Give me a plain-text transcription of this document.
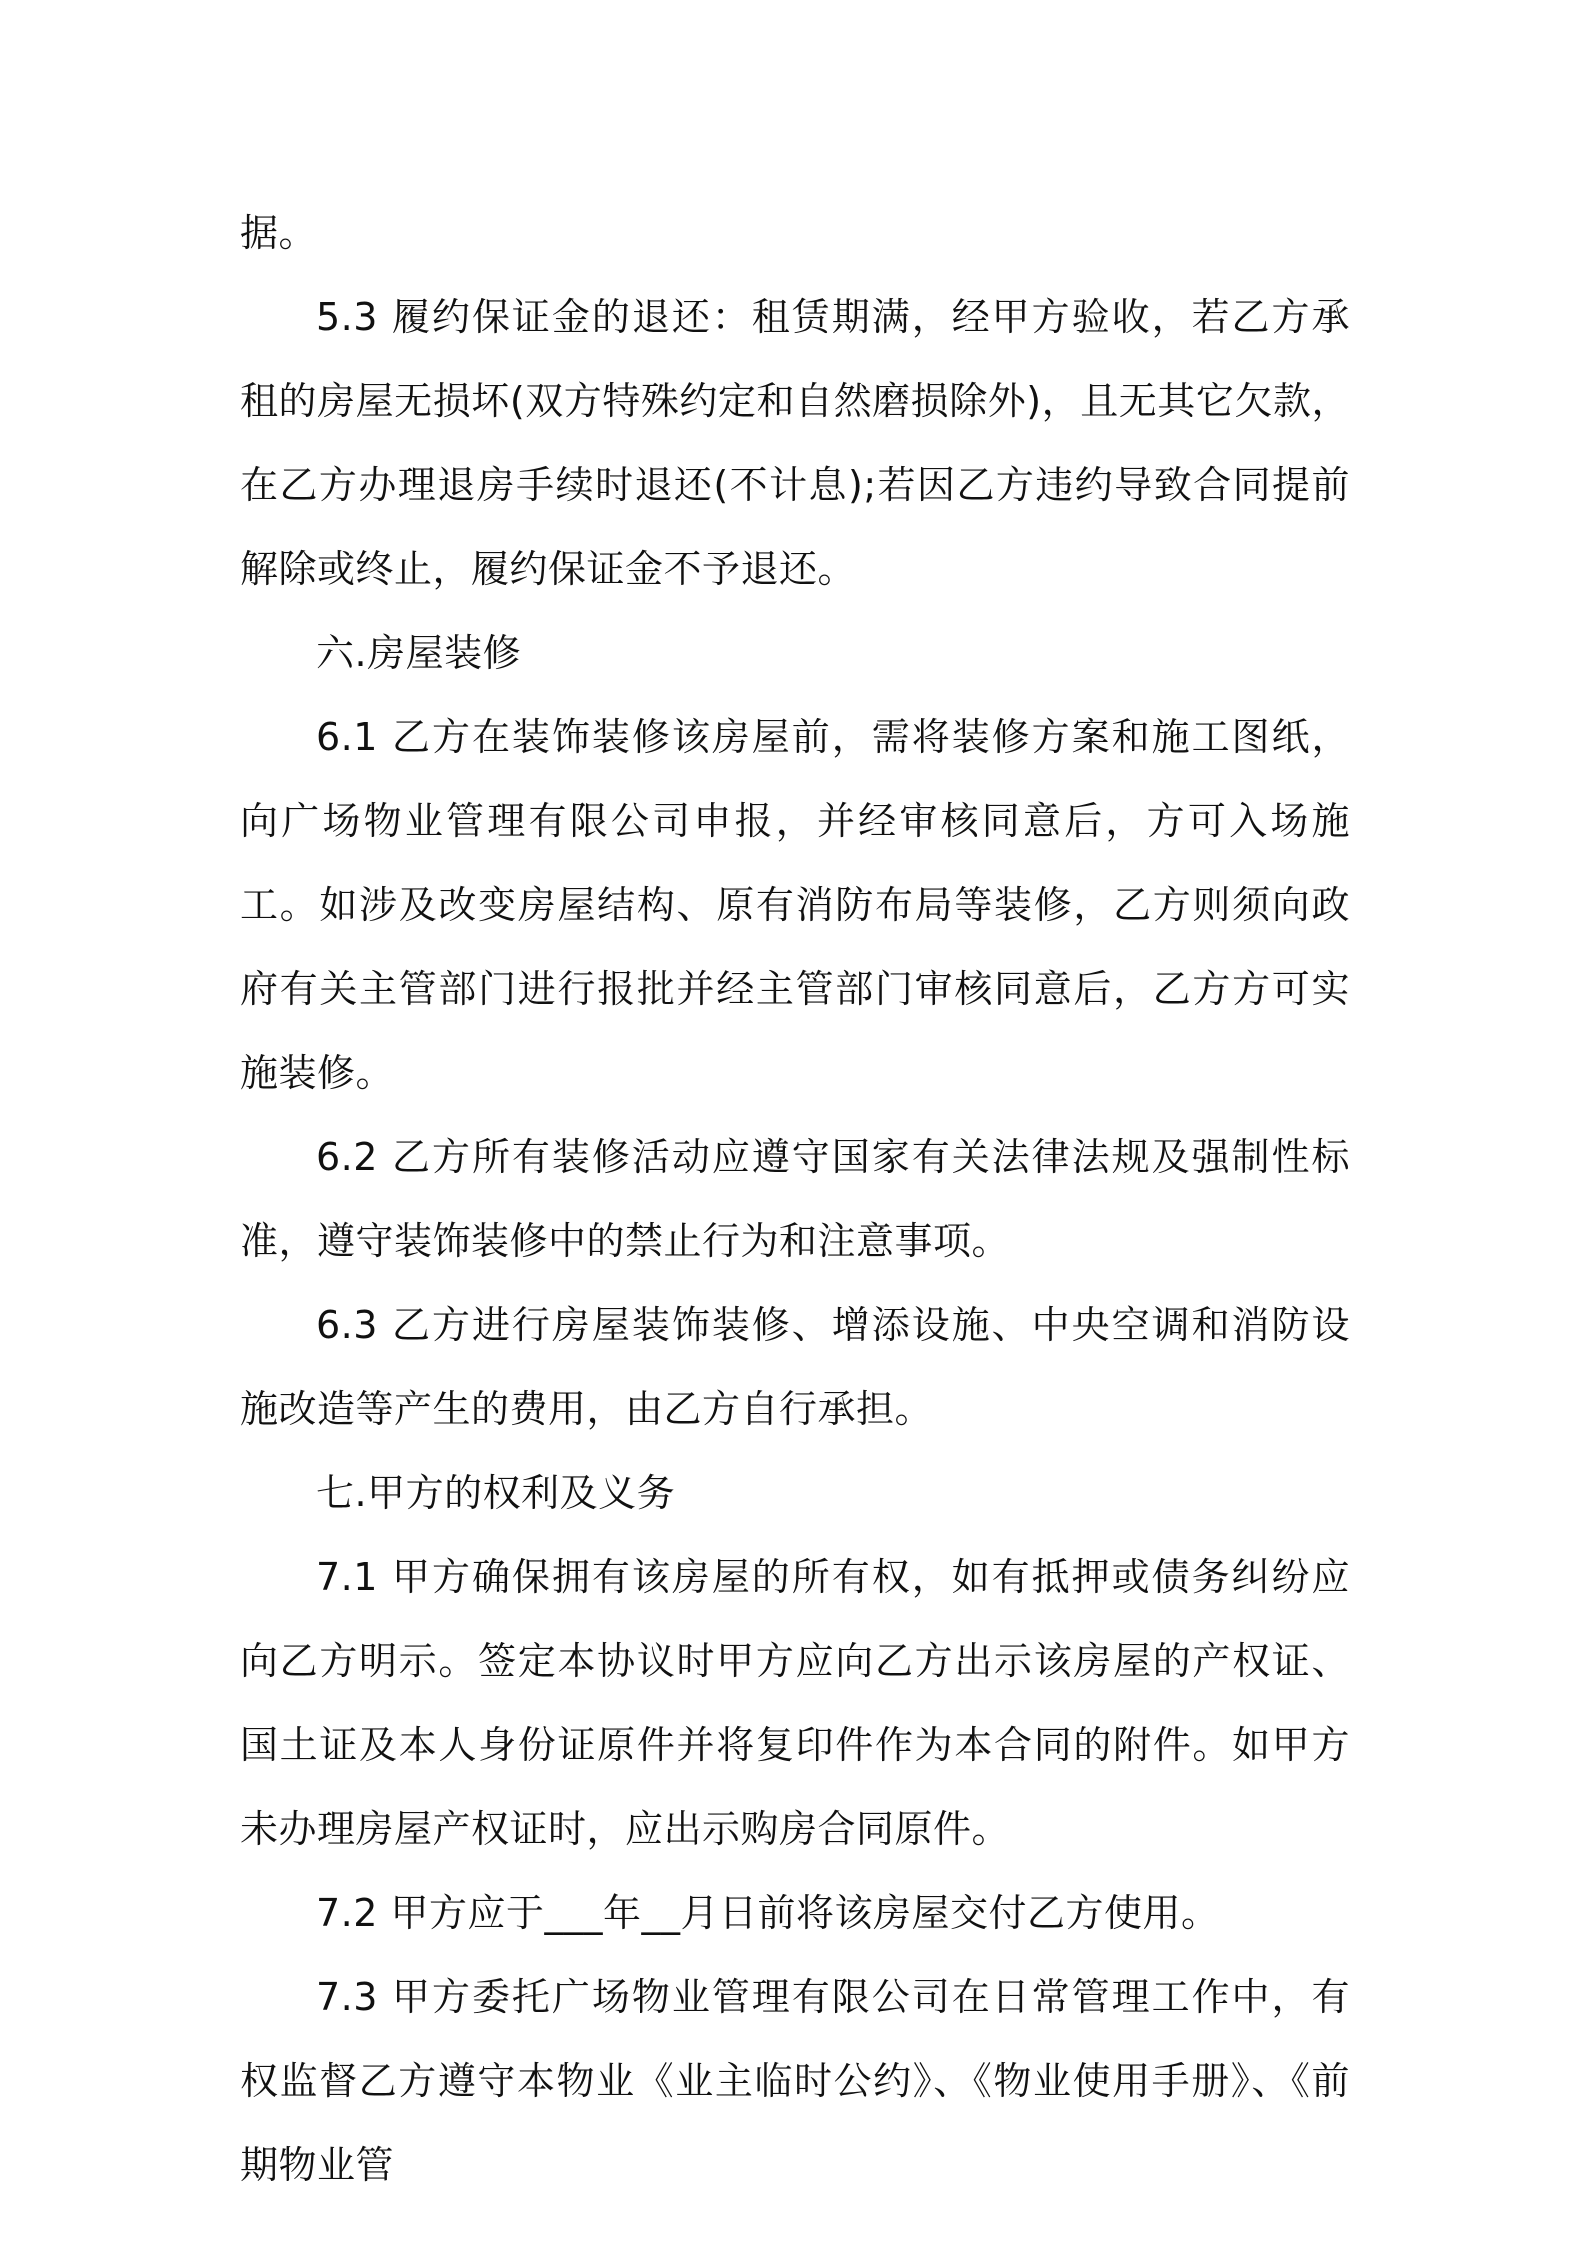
据。

5.3 履约保证金的退还：租赁期满，经甲方验收，若乙方承租的房屋无损坏(双方特殊约定和自然磨损除外)，且无其它欠款，在乙方办理退房手续时退还(不计息);若因乙方违约导致合同提前解除或终止，履约保证金不予退还。

六.房屋装修

6.1 乙方在装饰装修该房屋前，需将装修方案和施工图纸，向广场物业管理有限公司申报，并经审核同意后，方可入场施工。如涉及改变房屋结构、原有消防布局等装修，乙方则须向政府有关主管部门进行报批并经主管部门审核同意后，乙方方可实施装修。

6.2 乙方所有装修活动应遵守国家有关法律法规及强制性标准，遵守装饰装修中的禁止行为和注意事项。

6.3 乙方进行房屋装饰装修、增添设施、中央空调和消防设施改造等产生的费用，由乙方自行承担。

七.甲方的权利及义务

7.1 甲方确保拥有该房屋的所有权，如有抵押或债务纠纷应向乙方明示。签定本协议时甲方应向乙方出示该房屋的产权证、国土证及本人身份证原件并将复印件作为本合同的附件。如甲方未办理房屋产权证时，应出示购房合同原件。

7.2 甲方应于___年__月日前将该房屋交付乙方使用。

7.3 甲方委托广场物业管理有限公司在日常管理工作中，有权监督乙方遵守本物业《业主临时公约》、《物业使用手册》、《前期物业管
